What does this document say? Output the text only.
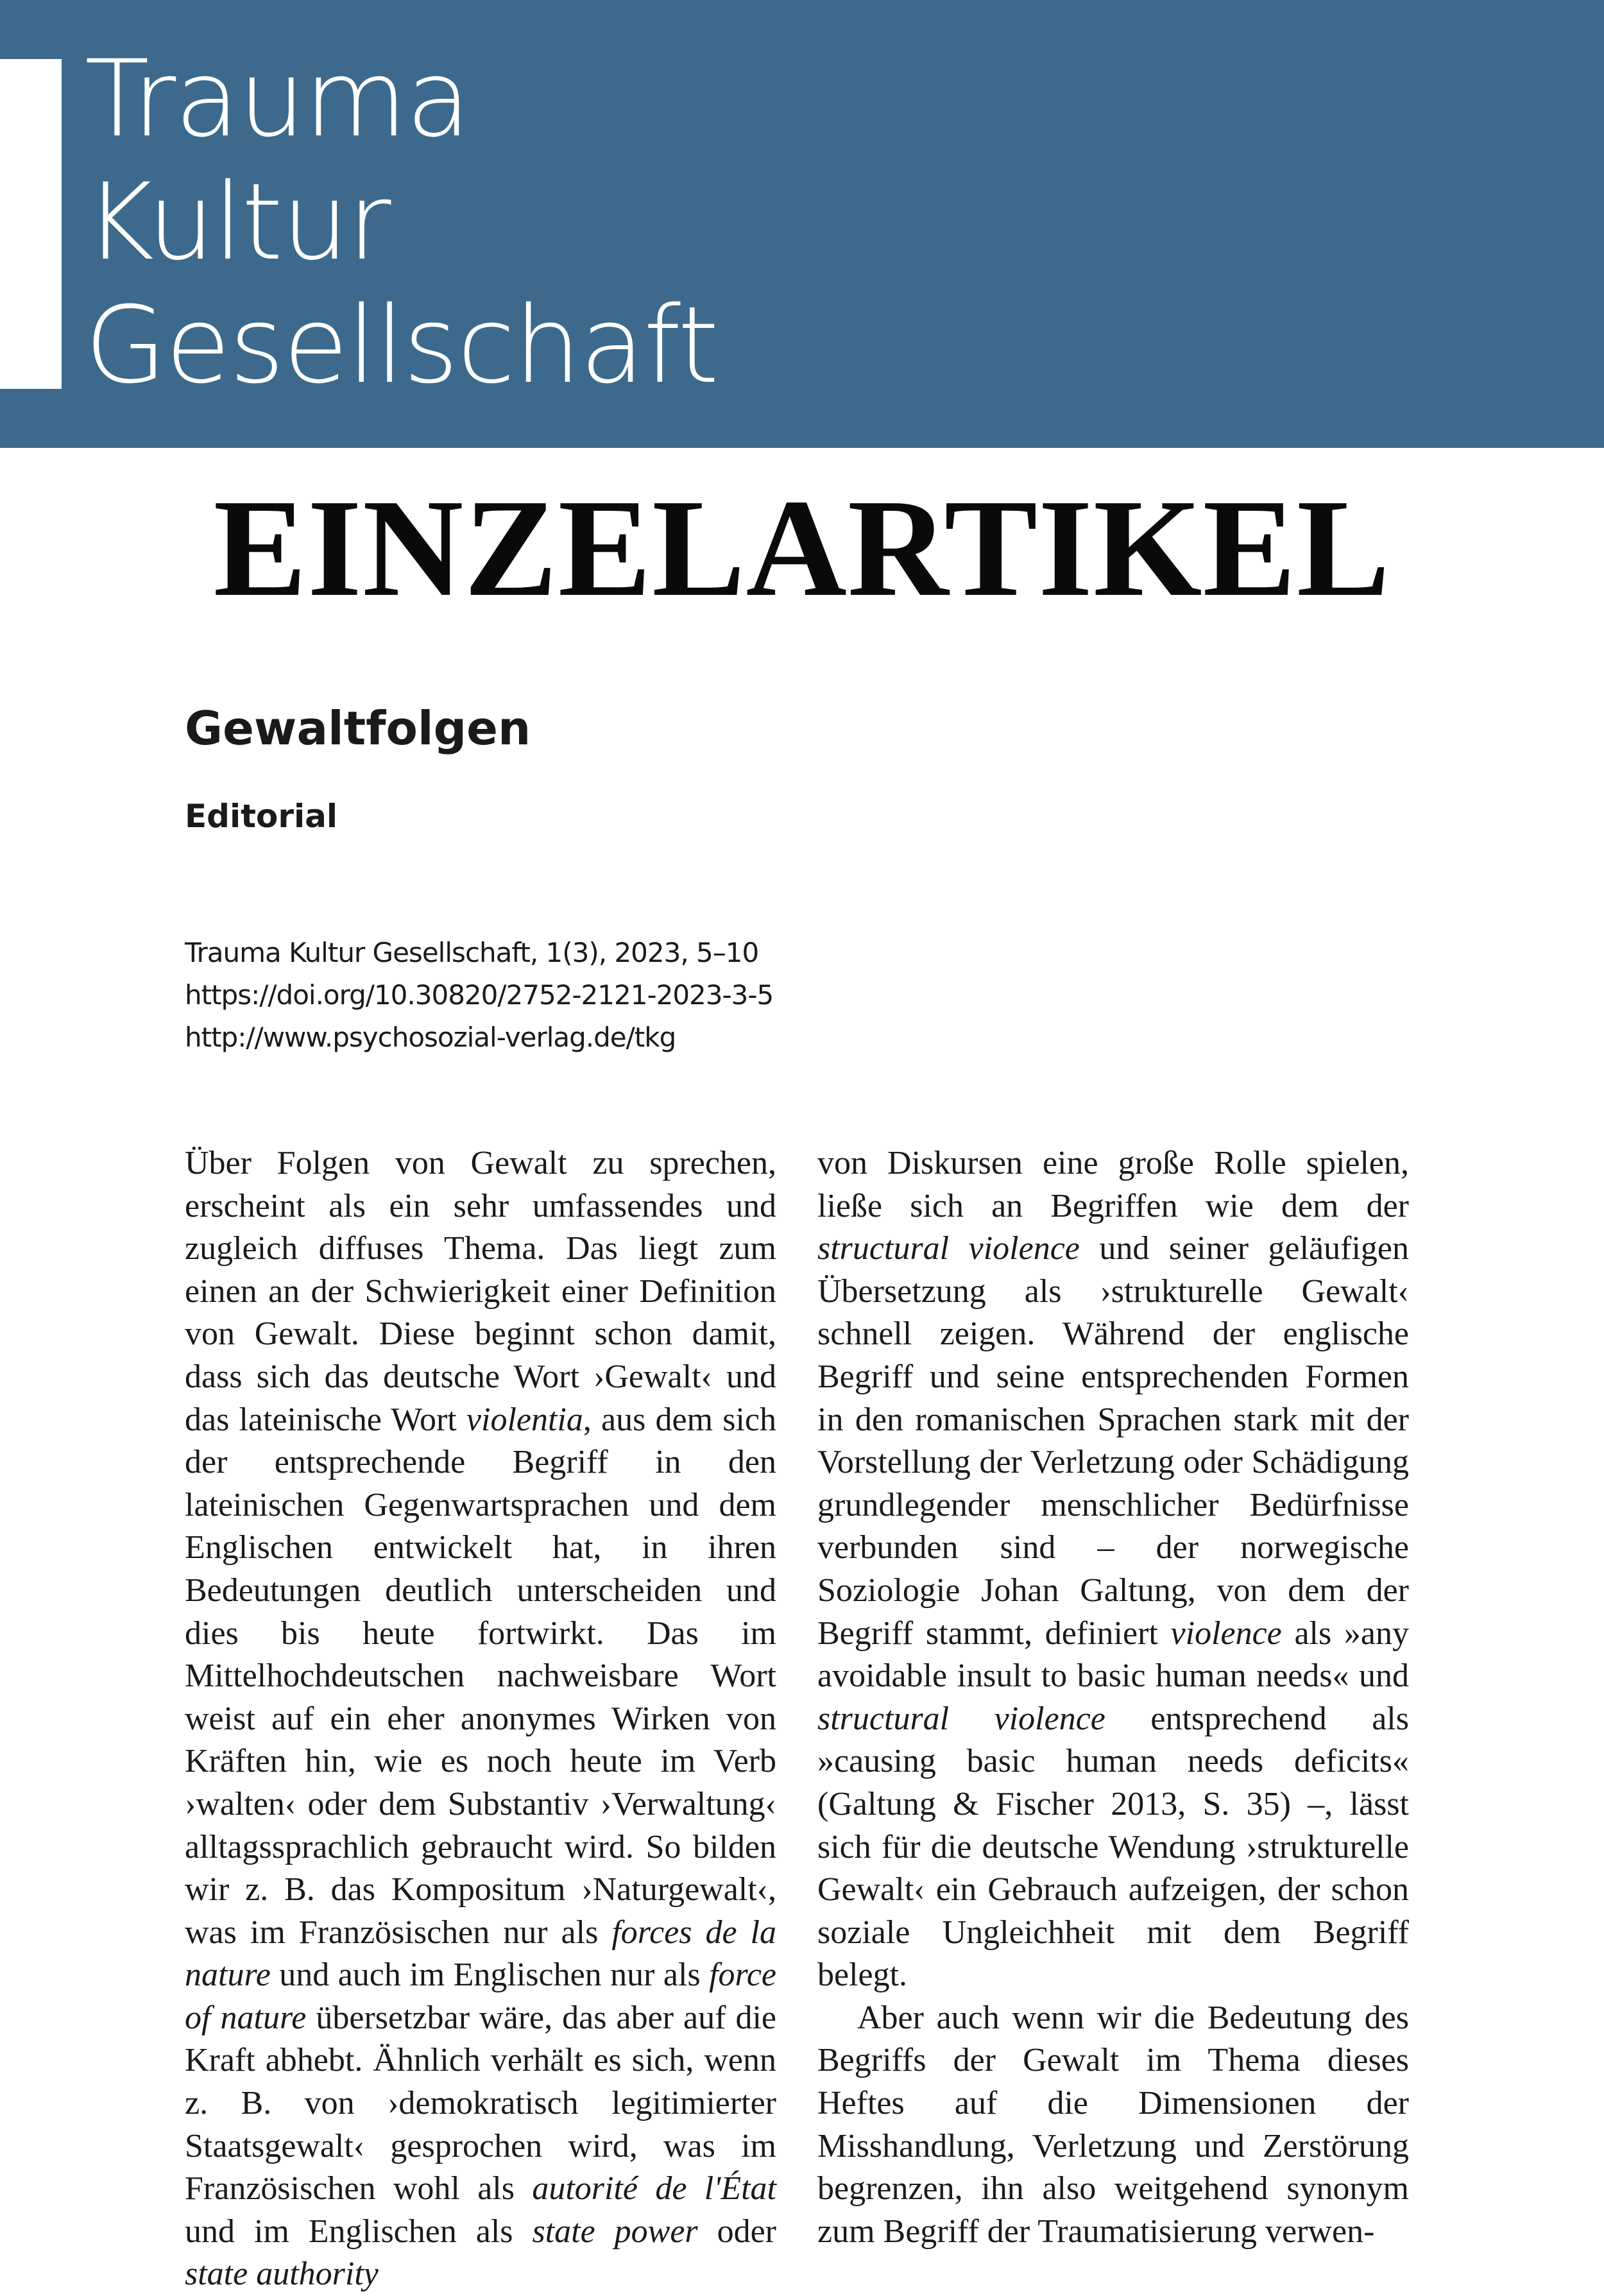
Trauma
Kultur
Gesellschaft
EINZELARTIKEL
Gewaltfolgen
Editorial
Trauma Kultur Gesellschaft, 1(3), 2023, 5–10
https://doi.org/10.30820/2752-2121-2023-3-5
http://www.psychosozial-verlag.de/tkg

Über Folgen von Gewalt zu sprechen, erscheint als ein sehr umfassendes und zugleich diffuses Thema. Das liegt zum einen an der Schwierigkeit einer Definition von Gewalt. Diese beginnt schon damit, dass sich das deutsche Wort ›Gewalt‹ und das lateinische Wort violentia, aus dem sich der entsprechende Begriff in den lateinischen Gegenwartsprachen und dem Englischen entwickelt hat, in ihren Bedeutungen deutlich unterscheiden und dies bis heute fortwirkt. Das im Mittelhochdeutschen nachweisbare Wort weist auf ein eher anonymes Wirken von Kräften hin, wie es noch heute im Verb ›walten‹ oder dem Substantiv ›Verwaltung‹ alltagssprachlich gebraucht wird. So bilden wir z. B. das Kompositum ›Naturgewalt‹, was im Französischen nur als forces de la nature und auch im Englischen nur als force of nature übersetzbar wäre, das aber auf die Kraft abhebt. Ähnlich verhält es sich, wenn z. B. von ›demokratisch legitimierter Staatsgewalt‹ gesprochen wird, was im Französischen wohl als autorité de l'État und im Englischen als state power oder state authority

von Diskursen eine große Rolle spielen, ließe sich an Begriffen wie dem der structural violence und seiner geläufigen Übersetzung als ›strukturelle Gewalt‹ schnell zeigen. Während der englische Begriff und seine entsprechenden Formen in den romanischen Sprachen stark mit der Vorstellung der Verletzung oder Schädigung grundlegender menschlicher Bedürfnisse verbunden sind – der norwegische Soziologie Johan Galtung, von dem der Begriff stammt, definiert violence als »any avoidable insult to basic human needs« und structural violence entsprechend als »causing basic human needs deficits« (Galtung & Fischer 2013, S. 35) –, lässt sich für die deutsche Wendung ›strukturelle Gewalt‹ ein Gebrauch aufzeigen, der schon soziale Ungleichheit mit dem Begriff belegt.

Aber auch wenn wir die Bedeutung des Begriffs der Gewalt im Thema dieses Heftes auf die Dimensionen der Misshandlung, Verletzung und Zerstörung begrenzen, ihn also weitgehend synonym zum Begriff der Traumatisierung verwen-
